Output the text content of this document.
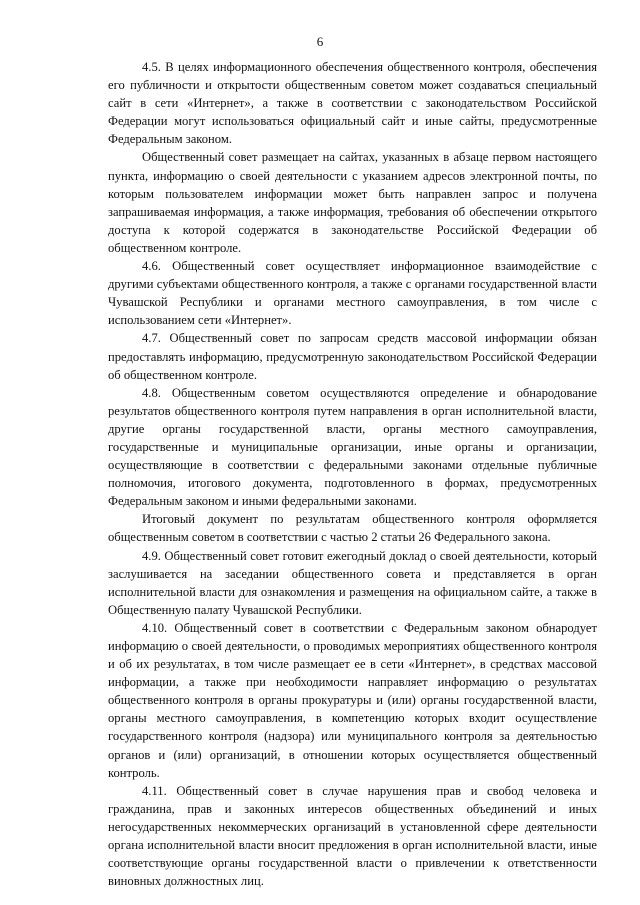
6

4.5. В целях информационного обеспечения общественного контроля, обеспечения его публичности и открытости общественным советом может создаваться специальный сайт в сети «Интернет», а также в соответствии с законодательством Российской Федерации могут использоваться официальный сайт и иные сайты, предусмотренные Федеральным законом.

Общественный совет размещает на сайтах, указанных в абзаце первом настоящего пункта, информацию о своей деятельности с указанием адресов электронной почты, по которым пользователем информации может быть направлен запрос и получена запрашиваемая информация, а также информация, требования об обеспечении открытого доступа к которой содержатся в законодательстве Российской Федерации об общественном контроле.

4.6. Общественный совет осуществляет информационное взаимодействие с другими субъектами общественного контроля, а также с органами государственной власти Чувашской Республики и органами местного самоуправления, в том числе с использованием сети «Интернет».

4.7. Общественный совет по запросам средств массовой информации обязан предоставлять информацию, предусмотренную законодательством Российской Федерации об общественном контроле.

4.8. Общественным советом осуществляются определение и обнародование результатов общественного контроля путем направления в орган исполнительной власти, другие органы государственной власти, органы местного самоуправления, государственные и муниципальные организации, иные органы и организации, осуществляющие в соответствии с федеральными законами отдельные публичные полномочия, итогового документа, подготовленного в формах, предусмотренных Федеральным законом и иными федеральными законами.

Итоговый документ по результатам общественного контроля оформляется общественным советом в соответствии с частью 2 статьи 26 Федерального закона.

4.9. Общественный совет готовит ежегодный доклад о своей деятельности, который заслушивается на заседании общественного совета и представляется в орган исполнительной власти для ознакомления и размещения на официальном сайте, а также в Общественную палату Чувашской Республики.

4.10. Общественный совет в соответствии с Федеральным законом обнародует информацию о своей деятельности, о проводимых мероприятиях общественного контроля и об их результатах, в том числе размещает ее в сети «Интернет», в средствах массовой информации, а также при необходимости направляет информацию о результатах общественного контроля в органы прокуратуры и (или) органы государственной власти, органы местного самоуправления, в компетенцию которых входит осуществление государственного контроля (надзора) или муниципального контроля за деятельностью органов и (или) организаций, в отношении которых осуществляется общественный контроль.

4.11. Общественный совет в случае нарушения прав и свобод человека и гражданина, прав и законных интересов общественных объединений и иных негосударственных некоммерческих организаций в установленной сфере деятельности органа исполнительной власти вносит предложения в орган исполнительной власти, иные соответствующие органы государственной власти о привлечении к ответственности виновных должностных лиц.
